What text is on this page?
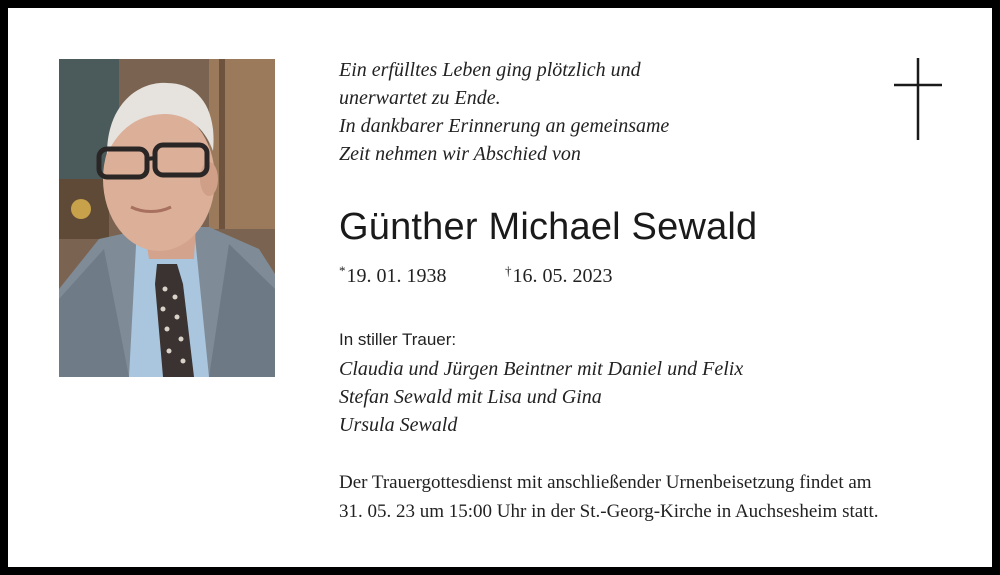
Ein erfülltes Leben ging plötzlich und
unerwartet zu Ende.
In dankbarer Erinnerung an gemeinsame
Zeit nehmen wir Abschied von
Günther Michael Sewald
*19. 01. 1938	†16. 05. 2023
In stiller Trauer:
Claudia und Jürgen Beintner mit Daniel und Felix
Stefan Sewald mit Lisa und Gina
Ursula Sewald
Der Trauergottesdienst mit anschließender Urnenbeisetzung findet am
31. 05. 23 um 15:00 Uhr in der St.-Georg-Kirche in Auchsesheim statt.
